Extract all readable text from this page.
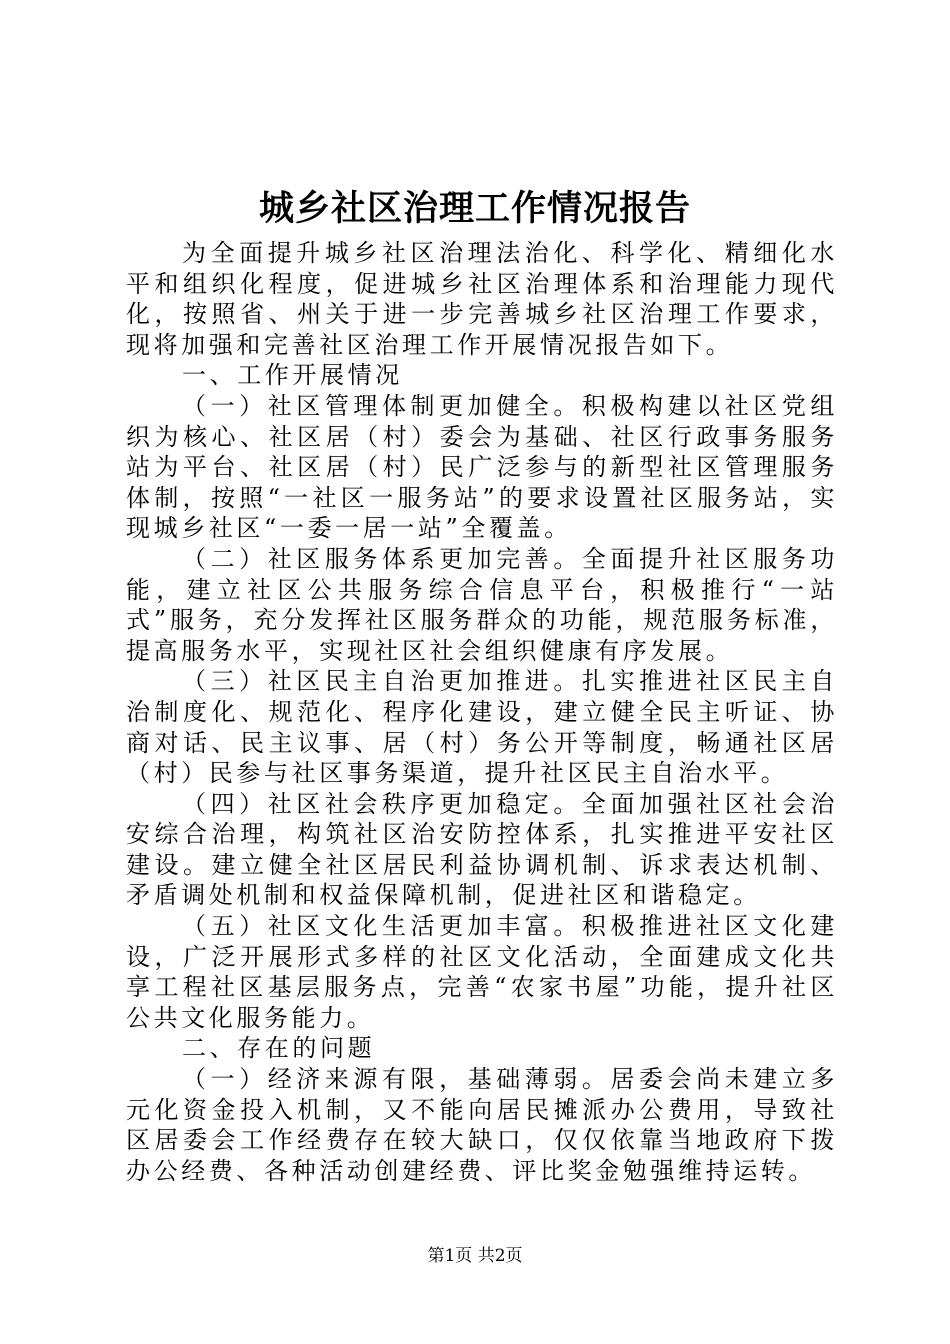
城乡社区治理工作情况报告

为全面提升城乡社区治理法治化、科学化、精细化水平和组织化程度，促进城乡社区治理体系和治理能力现代化，按照省、州关于进一步完善城乡社区治理工作要求，现将加强和完善社区治理工作开展情况报告如下。

一、工作开展情况

（一）社区管理体制更加健全。积极构建以社区党组织为核心、社区居（村）委会为基础、社区行政事务服务站为平台、社区居（村）民广泛参与的新型社区管理服务体制，按照“一社区一服务站”的要求设置社区服务站，实现城乡社区“一委一居一站”全覆盖。

（二）社区服务体系更加完善。全面提升社区服务功能，建立社区公共服务综合信息平台，积极推行“一站式”服务，充分发挥社区服务群众的功能，规范服务标准，提高服务水平，实现社区社会组织健康有序发展。

（三）社区民主自治更加推进。扎实推进社区民主自治制度化、规范化、程序化建设，建立健全民主听证、协商对话、民主议事、居（村）务公开等制度，畅通社区居（村）民参与社区事务渠道，提升社区民主自治水平。

（四）社区社会秩序更加稳定。全面加强社区社会治安综合治理，构筑社区治安防控体系，扎实推进平安社区建设。建立健全社区居民利益协调机制、诉求表达机制、矛盾调处机制和权益保障机制，促进社区和谐稳定。

（五）社区文化生活更加丰富。积极推进社区文化建设，广泛开展形式多样的社区文化活动，全面建成文化共享工程社区基层服务点，完善“农家书屋”功能，提升社区公共文化服务能力。

二、存在的问题

（一）经济来源有限，基础薄弱。居委会尚未建立多元化资金投入机制，又不能向居民摊派办公费用，导致社区居委会工作经费存在较大缺口，仅仅依靠当地政府下拨办公经费、各种活动创建经费、评比奖金勉强维持运转。

第1页 共2页
